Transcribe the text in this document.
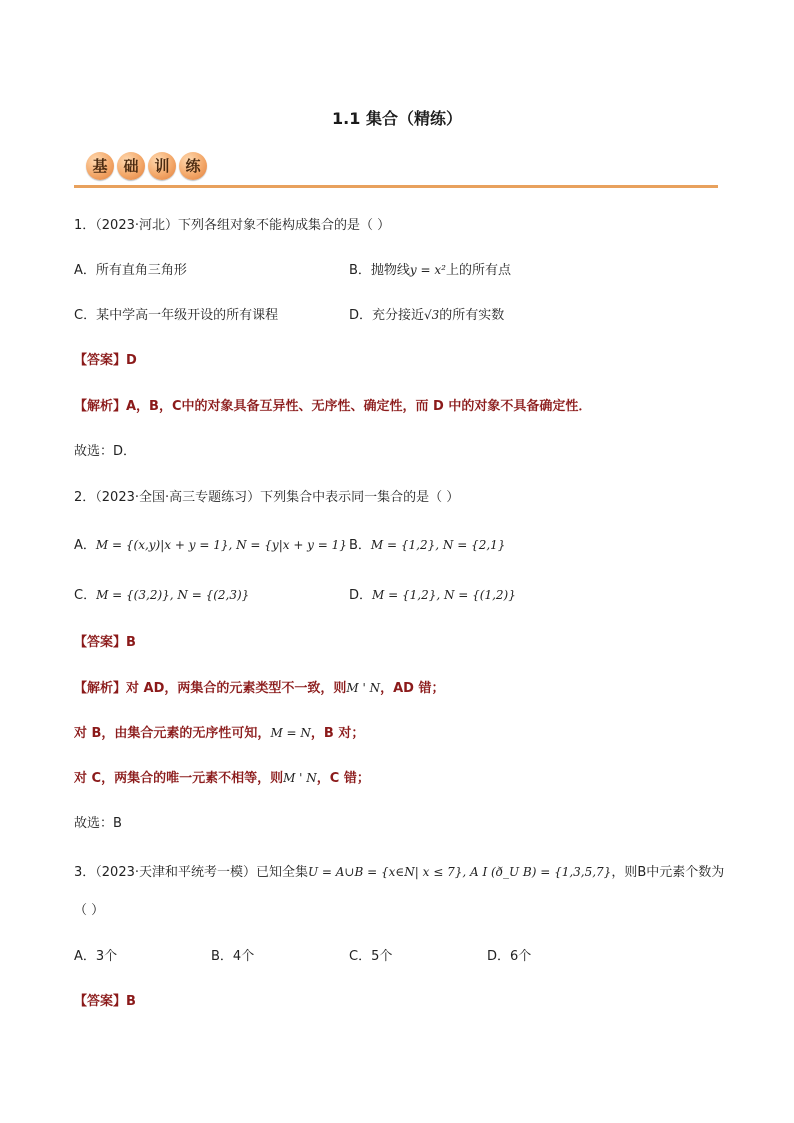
1.1 集合（精练）
基 础 训 练
1．（2023·河北）下列各组对象不能构成集合的是（ ）
A．所有直角三角形	B．抛物线y = x²上的所有点
C．某中学高一年级开设的所有课程	D．充分接近√3的所有实数
【答案】D
【解析】A，B，C中的对象具备互异性、无序性、确定性，而 D 中的对象不具备确定性．
故选：D．
2．（2023·全国·高三专题练习）下列集合中表示同一集合的是（ ）
A．M = {(x,y)|x + y = 1}, N = {y|x + y = 1} B．M = {1,2}, N = {2,1}
C．M = {(3,2)}, N = {(2,3)}	D．M = {1,2}, N = {(1,2)}
【答案】B
【解析】对 AD，两集合的元素类型不一致，则M ' N，AD 错；
对 B，由集合元素的无序性可知，M = N，B 对；
对 C，两集合的唯一元素不相等，则M ' N，C 错；
故选：B
3．（2023·天津和平统考一模）已知全集U = A∪B = {x∈N| x ≤ 7}, A I (ð_U B) = {1,3,5,7}，则B中元素个数为
（ ）
A．3个	B．4个	C．5个	D．6个
【答案】B
